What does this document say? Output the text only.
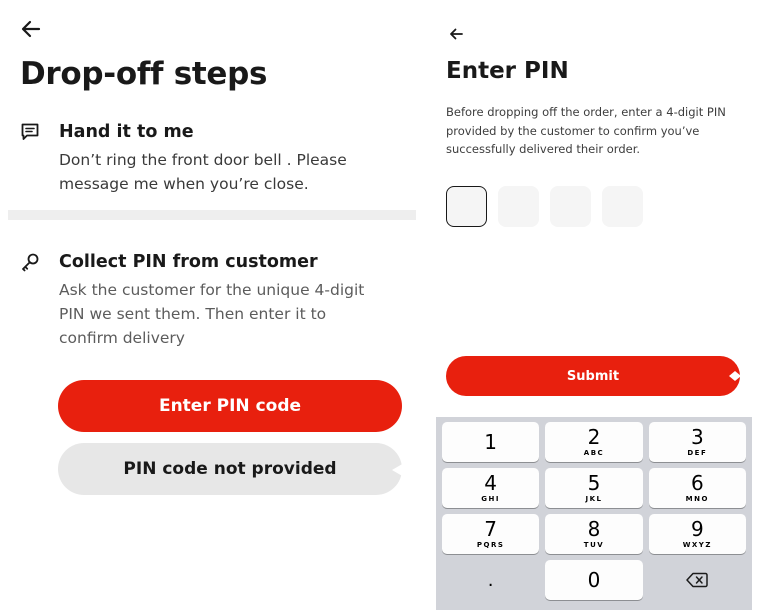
Drop-off steps
Hand it to me
Don’t ring the front door bell . Please message me when you’re close.
Collect PIN from customer
Ask the customer for the unique 4-digit PIN we sent them. Then enter it to confirm delivery
Enter PIN code
PIN code not provided
Enter PIN
Before dropping off the order, enter a 4-digit PIN provided by the customer to confirm you’ve successfully delivered their order.
Submit
1	2
ABC
3
DEF
4
GHI
5
JKL
6
MNO
7
PQRS
8
TUV
9
WXYZ
.	0
